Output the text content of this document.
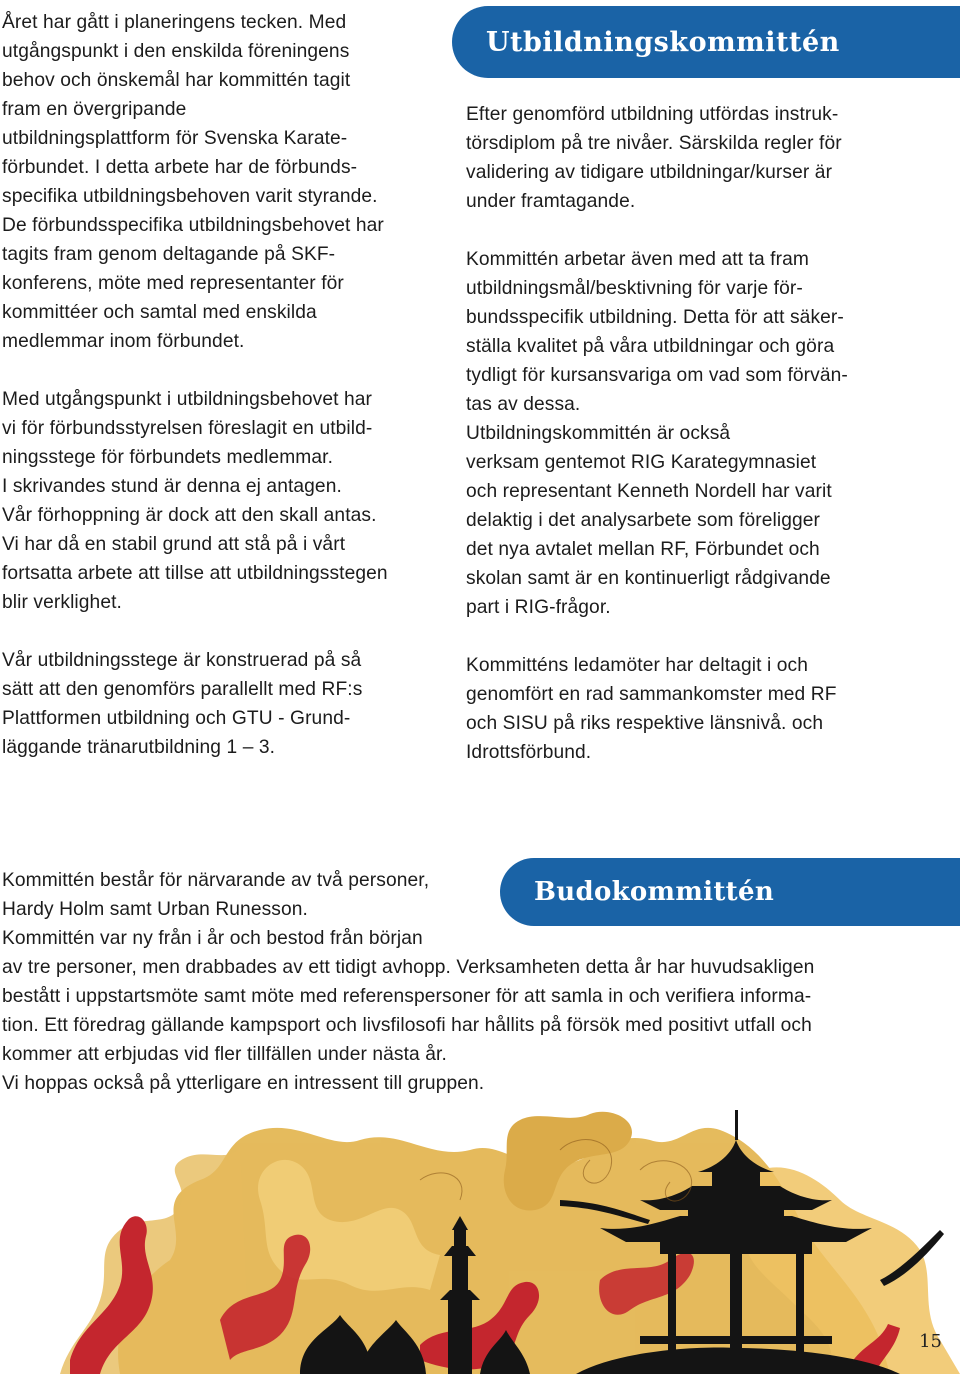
Året har gått i planeringens tecken. Med
utgångspunkt i den enskilda föreningens
behov och önskemål har kommittén tagit
fram en övergripande
utbildningsplattform för Svenska Karate-
förbundet. I detta arbete har de förbunds-
specifika utbildningsbehoven varit styrande.
De förbundsspecifika utbildningsbehovet har
tagits fram genom deltagande på SKF-
konferens, möte med representanter för
kommittéer och samtal med enskilda
medlemmar inom förbundet.

Med utgångspunkt i utbildningsbehovet har
vi för förbundsstyrelsen föreslagit en utbild-
ningsstege för förbundets medlemmar.
I skrivandes stund är denna ej antagen.
Vår förhoppning är dock att den skall antas.
Vi har då en stabil grund att stå på i vårt
fortsatta arbete att tillse att utbildningsstegen
blir verklighet.

Vår utbildningsstege är konstruerad på så
sätt att den genomförs parallellt med RF:s
Plattformen utbildning och GTU - Grund-
läggande tränarutbildning 1 – 3.

Utbildningskommittén

Efter genomförd utbildning utfördas instruk-
törsdiplom på tre nivåer. Särskilda regler för
validering av tidigare utbildningar/kurser är
under framtagande.

Kommittén arbetar även med att ta fram
utbildningsmål/besktivning för varje för-
bundsspecifik utbildning. Detta för att säker-
ställa kvalitet på våra utbildningar och göra
tydligt för kursansvariga om vad som förvän-
tas av dessa.
Utbildningskommittén är också
verksam gentemot RIG Karategymnasiet
och representant Kenneth Nordell har varit
delaktig i det analysarbete som föreligger
det nya avtalet mellan RF, Förbundet och
skolan samt är en kontinuerligt rådgivande
part i RIG-frågor.

Kommitténs ledamöter har deltagit i och
genomfört en rad sammankomster med RF
och SISU på riks respektive länsnivå. och
Idrottsförbund.

Budokommittén
Kommittén består för närvarande av två personer,
Hardy Holm samt Urban Runesson.
Kommittén var ny från i år och bestod från början
av tre personer, men drabbades av ett tidigt avhopp. Verksamheten detta år har huvudsakligen
bestått i uppstartsmöte samt möte med referenspersoner för att samla in och verifiera informa-
tion. Ett föredrag gällande kampsport och livsfilosofi har hållits på försök med positivt utfall och
kommer att erbjudas vid fler tillfällen under nästa år.
Vi hoppas också på ytterligare en intressent till gruppen.
15
